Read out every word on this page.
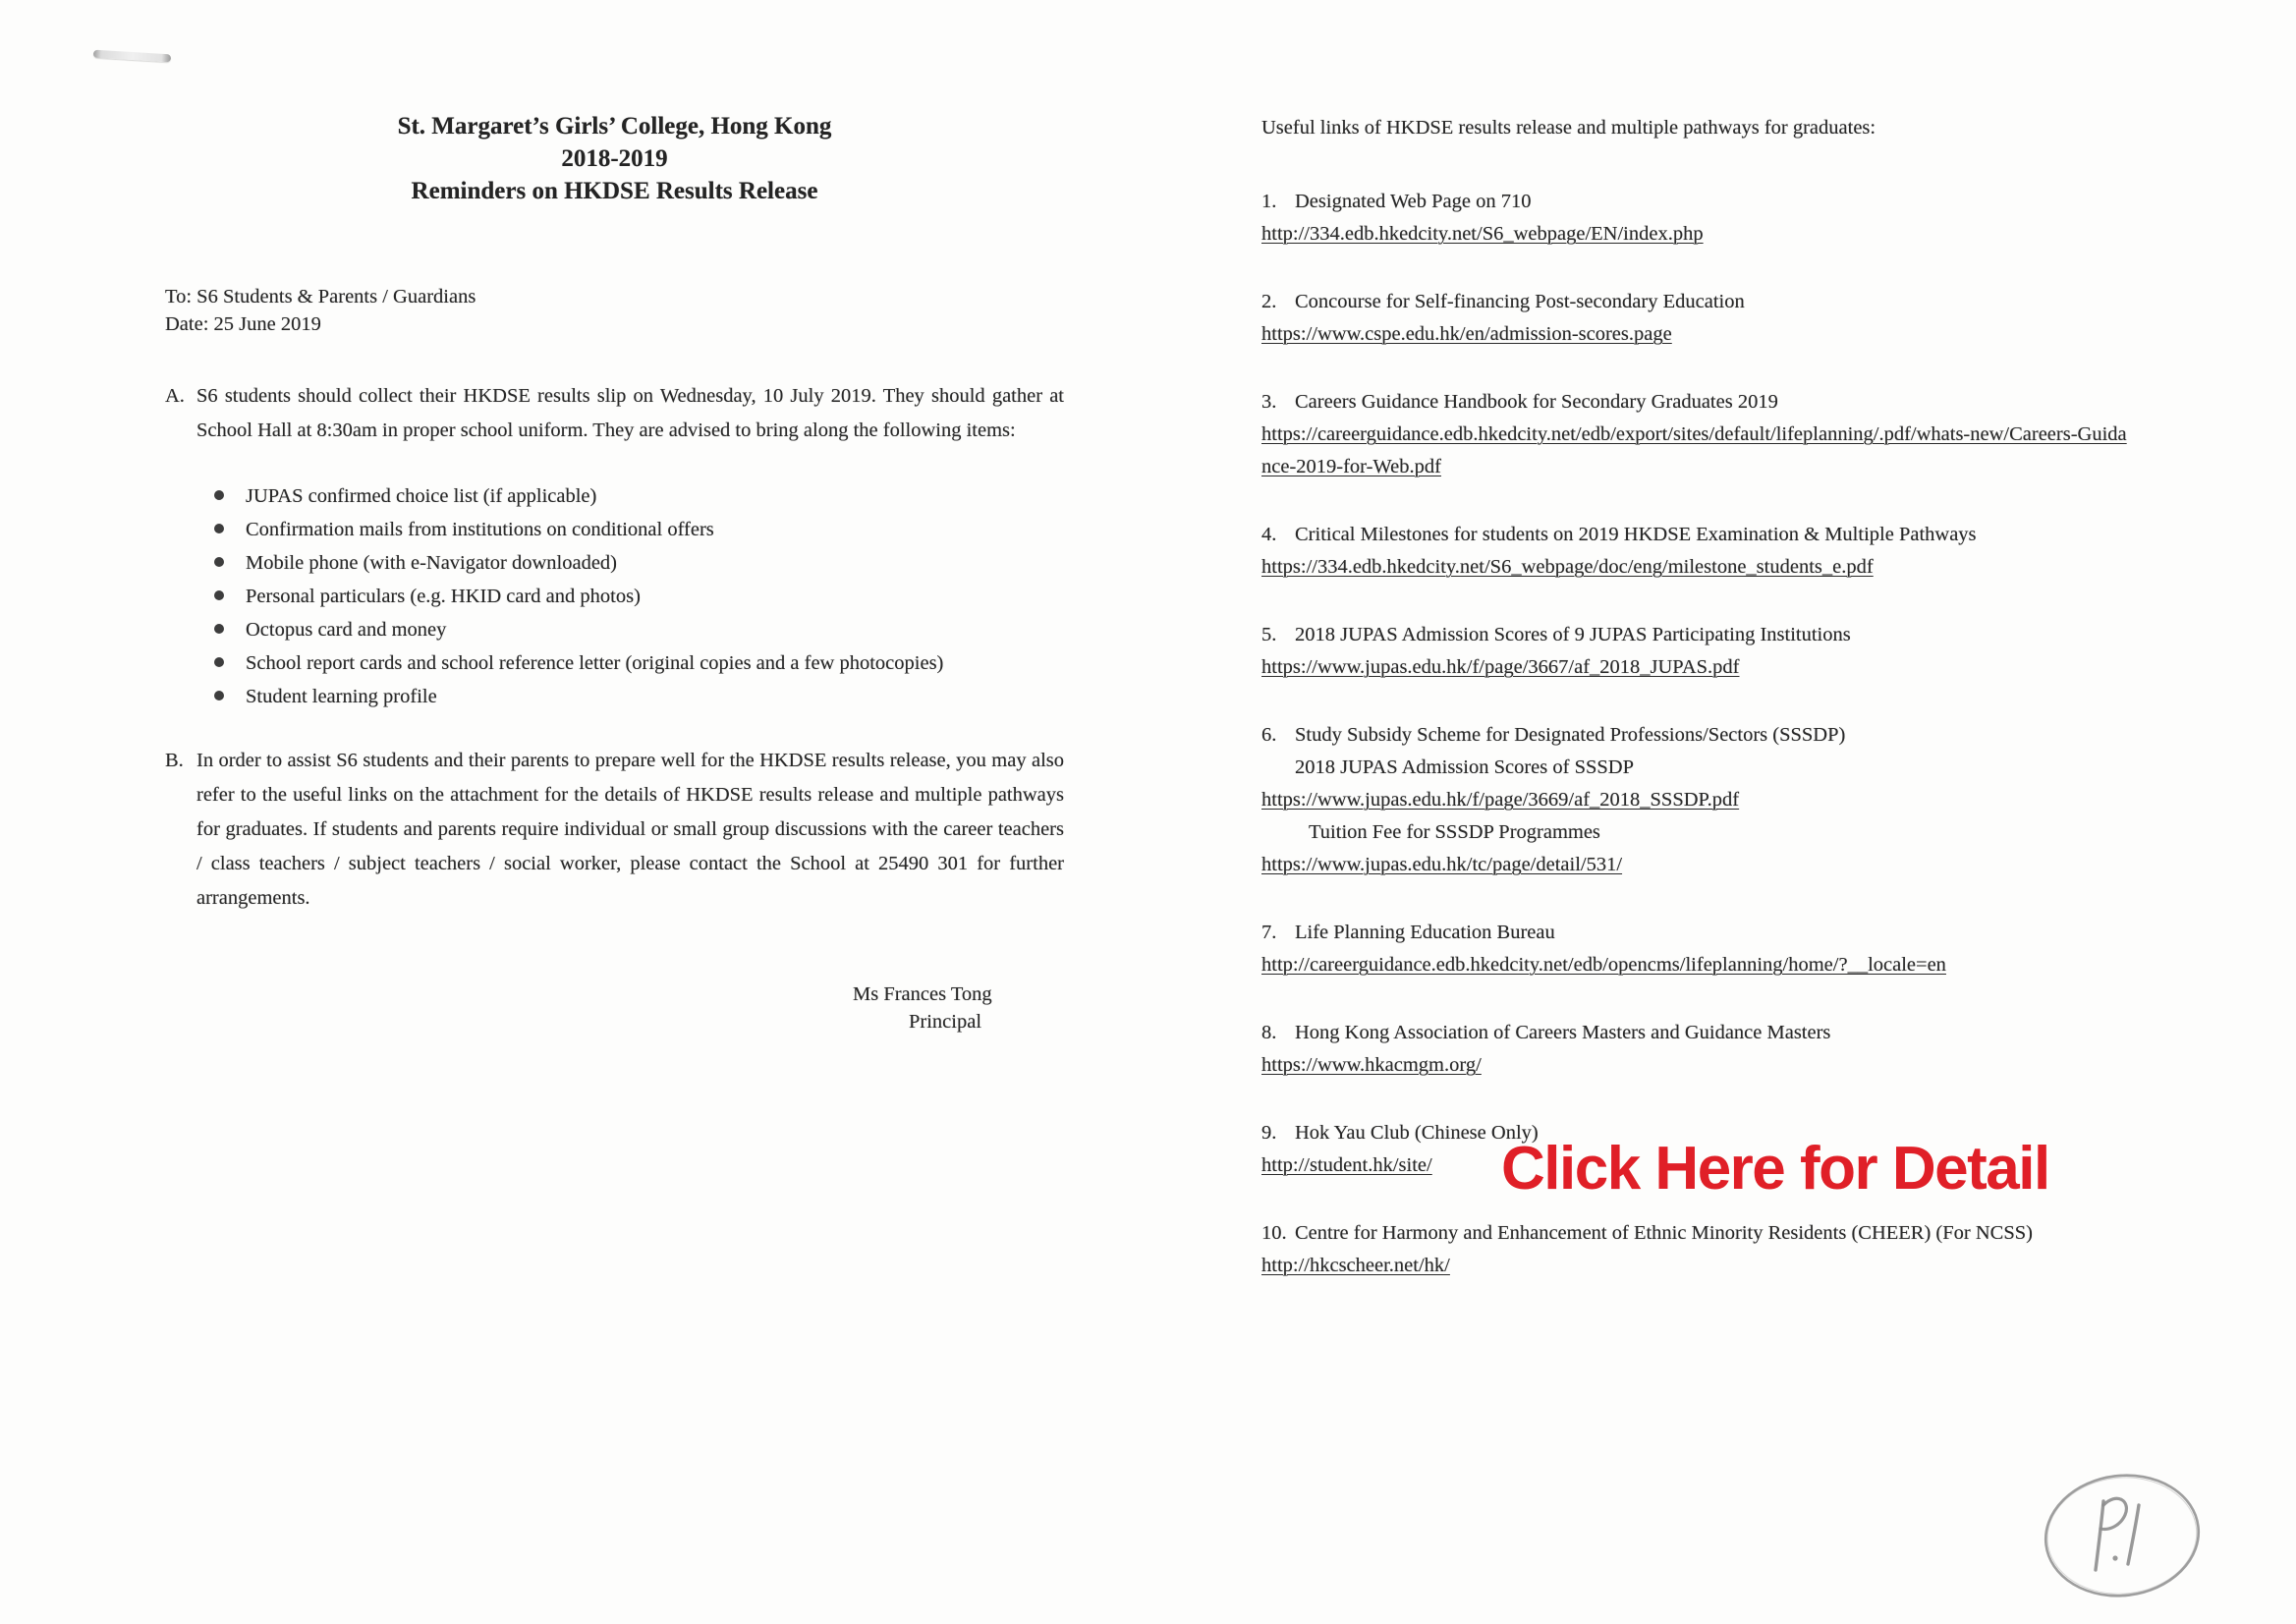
St. Margaret’s Girls’ College, Hong Kong
2018-2019
Reminders on HKDSE Results Release
To: S6 Students & Parents / Guardians
Date: 25 June 2019
A. S6 students should collect their HKDSE results slip on Wednesday, 10 July 2019. They should gather at School Hall at 8:30am in proper school uniform. They are advised to bring along the following items:
JUPAS confirmed choice list (if applicable)
Confirmation mails from institutions on conditional offers
Mobile phone (with e-Navigator downloaded)
Personal particulars (e.g. HKID card and photos)
Octopus card and money
School report cards and school reference letter (original copies and a few photocopies)
Student learning profile
B. In order to assist S6 students and their parents to prepare well for the HKDSE results release, you may also refer to the useful links on the attachment for the details of HKDSE results release and multiple pathways for graduates. If students and parents require individual or small group discussions with the career teachers / class teachers / subject teachers / social worker, please contact the School at 25490 301 for further arrangements.
Ms Frances Tong
Principal
Useful links of HKDSE results release and multiple pathways for graduates:
1. Designated Web Page on 710
http://334.edb.hkedcity.net/S6_webpage/EN/index.php
2. Concourse for Self-financing Post-secondary Education
https://www.cspe.edu.hk/en/admission-scores.page
3. Careers Guidance Handbook for Secondary Graduates 2019
https://careerguidance.edb.hkedcity.net/edb/export/sites/default/lifeplanning/.pdf/whats-new/Careers-Guidance-2019-for-Web.pdf
4. Critical Milestones for students on 2019 HKDSE Examination & Multiple Pathways
https://334.edb.hkedcity.net/S6_webpage/doc/eng/milestone_students_e.pdf
5. 2018 JUPAS Admission Scores of 9 JUPAS Participating Institutions
https://www.jupas.edu.hk/f/page/3667/af_2018_JUPAS.pdf
6. Study Subsidy Scheme for Designated Professions/Sectors (SSSDP)
2018 JUPAS Admission Scores of SSSDP
https://www.jupas.edu.hk/f/page/3669/af_2018_SSSDP.pdf
Tuition Fee for SSSDP Programmes
https://www.jupas.edu.hk/tc/page/detail/531/
7. Life Planning Education Bureau
http://careerguidance.edb.hkedcity.net/edb/opencms/lifeplanning/home/?__locale=en
8. Hong Kong Association of Careers Masters and Guidance Masters
https://www.hkacmgm.org/
9. Hok Yau Club (Chinese Only)
http://student.hk/site/
10. Centre for Harmony and Enhancement of Ethnic Minority Residents (CHEER) (For NCSS)
http://hkcscheer.net/hk/
Click Here for Detail
